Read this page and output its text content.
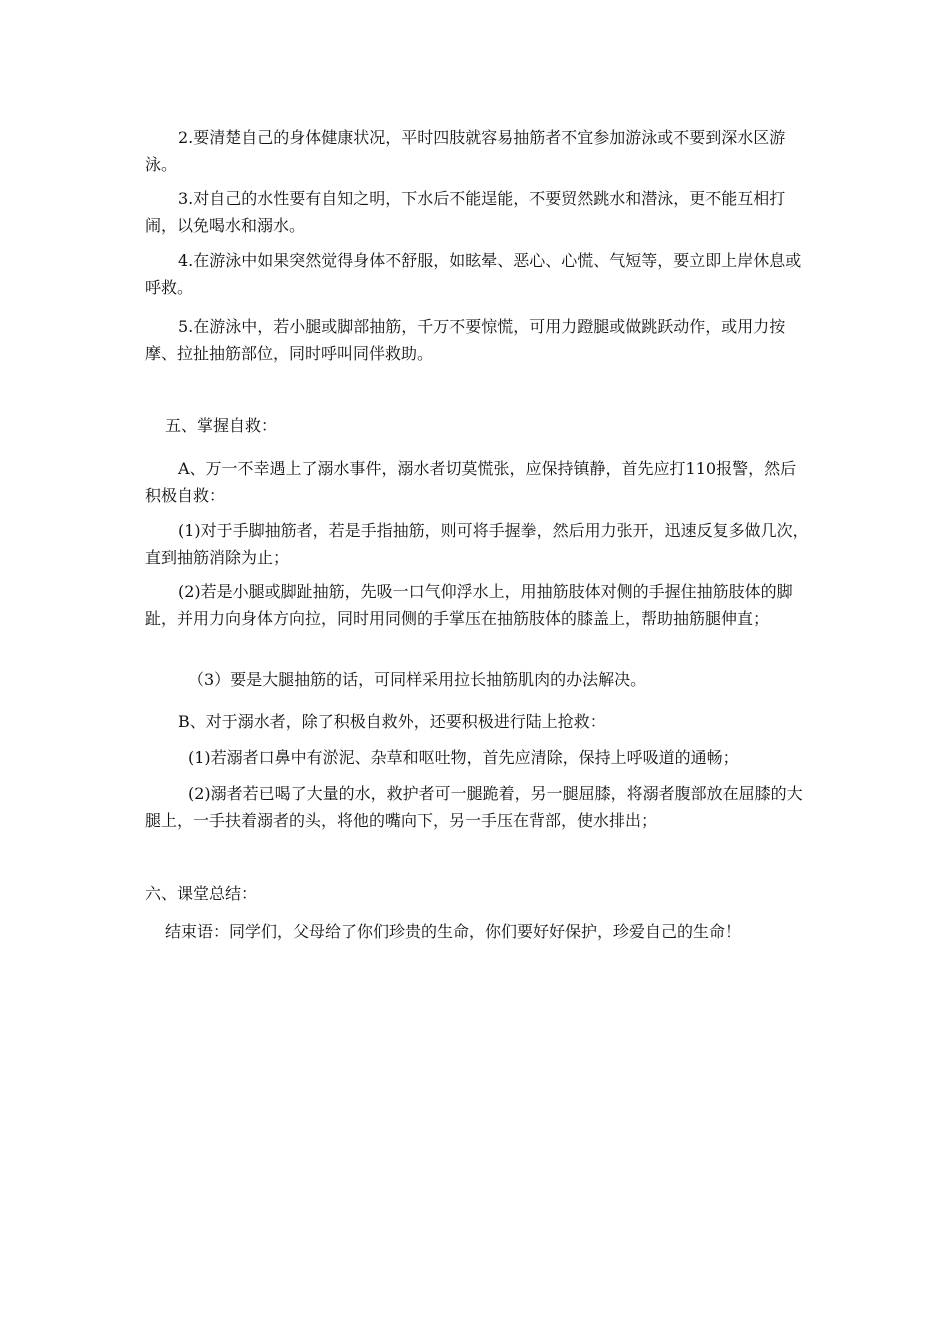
2.要清楚自己的身体健康状况，平时四肢就容易抽筋者不宜参加游泳或不要到深水区游泳。

3.对自己的水性要有自知之明，下水后不能逞能，不要贸然跳水和潜泳，更不能互相打闹，以免喝水和溺水。

4.在游泳中如果突然觉得身体不舒服，如眩晕、恶心、心慌、气短等，要立即上岸休息或呼救。

5.在游泳中，若小腿或脚部抽筋，千万不要惊慌，可用力蹬腿或做跳跃动作，或用力按摩、拉扯抽筋部位，同时呼叫同伴救助。

五、掌握自救：

A、万一不幸遇上了溺水事件，溺水者切莫慌张，应保持镇静，首先应打110报警，然后积极自救：

(1)对于手脚抽筋者，若是手指抽筋，则可将手握拳，然后用力张开，迅速反复多做几次，直到抽筋消除为止；

(2)若是小腿或脚趾抽筋，先吸一口气仰浮水上，用抽筋肢体对侧的手握住抽筋肢体的脚趾，并用力向身体方向拉，同时用同侧的手掌压在抽筋肢体的膝盖上，帮助抽筋腿伸直；

（3）要是大腿抽筋的话，可同样采用拉长抽筋肌肉的办法解决。

B、对于溺水者，除了积极自救外，还要积极进行陆上抢救：

(1)若溺者口鼻中有淤泥、杂草和呕吐物，首先应清除，保持上呼吸道的通畅；

(2)溺者若已喝了大量的水，救护者可一腿跪着，另一腿屈膝，将溺者腹部放在屈膝的大腿上，一手扶着溺者的头，将他的嘴向下，另一手压在背部，使水排出；

六、课堂总结：

结束语：同学们，父母给了你们珍贵的生命，你们要好好保护，珍爱自己的生命！
